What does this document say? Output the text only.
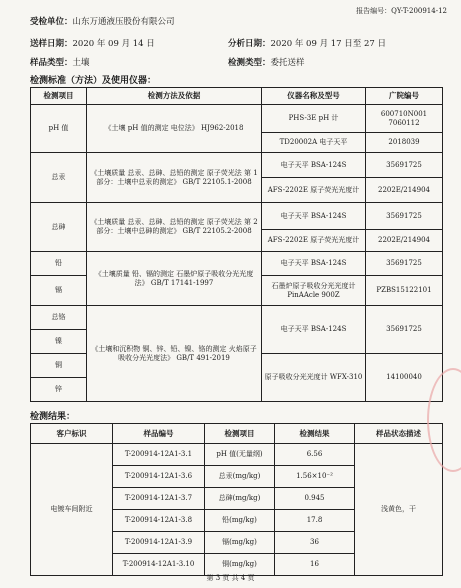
报告编号：QY-T-200914-12
受检单位：山东万通液压股份有限公司
送样日期：2020 年 09 月 14 日	分析日期：2020 年 09 月 17 日至 27 日
样品类型：土壤	检测类型：委托送样
检测标准（方法）及使用仪器：
检测项目	检测方法及依据	仪器名称及型号	广院编号
pH 值	《土壤 pH 值的测定 电位法》 HJ962-2018	PHS-3E pH 计	600710N001 7060112
		TD20002A 电子天平	2018039
总汞	《土壤质量 总汞、总砷、总铅的测定 原子荧光法 第 1 部分：土壤中总汞的测定》 GB/T 22105.1-2008	电子天平 BSA-124S	35691725
		AFS-2202E 原子荧光光度计	2202E/214904
总砷	《土壤质量 总汞、总砷、总铅的测定 原子荧光法 第 2 部分：土壤中总砷的测定》 GB/T 22105.2-2008	电子天平 BSA-124S	35691725
		AFS-2202E 原子荧光光度计	2202E/214904
铅	《土壤质量 铅、镉的测定 石墨炉原子吸收分光光度法》 GB/T 17141-1997	电子天平 BSA-124S	35691725
镉		石墨炉原子吸收分光光度计 PinAAcle 900Z	PZBS15122101
总铬	《土壤和沉积物 铜、锌、铅、镍、铬的测定 火焰原子吸收分光光度法》 GB/T 491-2019	电子天平 BSA-124S	35691725
镍			
铜		原子吸收分光光度计 WFX-310	14100040
锌			
检测结果：
客户标识	样品编号	检测项目	检测结果	样品状态描述
电镀车间附近	T-200914-12A1-3.1	pH 值(无量纲)	6.56	浅黄色，干
	T-200914-12A1-3.6	总汞(mg/kg)	1.56×10⁻²	
	T-200914-12A1-3.7	总砷(mg/kg)	0.945	
	T-200914-12A1-3.8	铅(mg/kg)	17.8	
	T-200914-12A1-3.9	镉(mg/kg)	36	
	T-200914-12A1-3.10	铜(mg/kg)	16	
第 3 页 共 4 页
